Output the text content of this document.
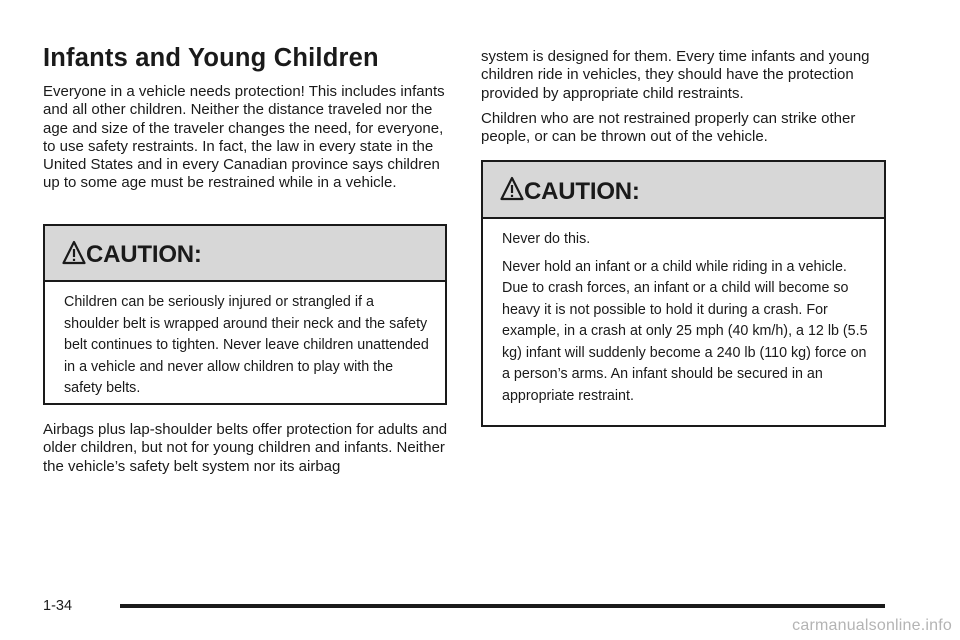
Infants and Young Children

Everyone in a vehicle needs protection! This includes infants and all other children. Neither the distance traveled nor the age and size of the traveler changes the need, for everyone, to use safety restraints. In fact, the law in every state in the United States and in every Canadian province says children up to some age must be restrained while in a vehicle.

CAUTION:

Children can be seriously injured or strangled if a shoulder belt is wrapped around their neck and the safety belt continues to tighten. Never leave children unattended in a vehicle and never allow children to play with the safety belts.

Airbags plus lap-shoulder belts offer protection for adults and older children, but not for young children and infants. Neither the vehicle’s safety belt system nor its airbag

system is designed for them. Every time infants and young children ride in vehicles, they should have the protection provided by appropriate child restraints.

Children who are not restrained properly can strike other people, or can be thrown out of the vehicle.

CAUTION:

Never do this.

Never hold an infant or a child while riding in a vehicle. Due to crash forces, an infant or a child will become so heavy it is not possible to hold it during a crash. For example, in a crash at only 25 mph (40 km/h), a 12 lb (5.5 kg) infant will suddenly become a 240 lb (110 kg) force on a person’s arms. An infant should be secured in an appropriate restraint.

1-34
carmanualsonline.info
